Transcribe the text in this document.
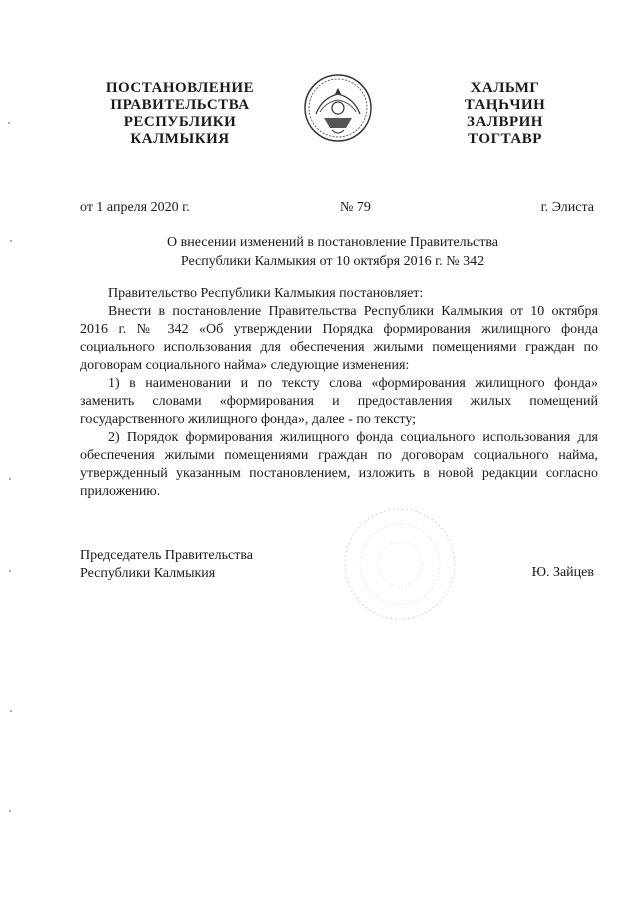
ПОСТАНОВЛЕНИЕ
ПРАВИТЕЛЬСТВА
РЕСПУБЛИКИ
КАЛМЫКИЯ
ХАЛЬМГ
ТАҢҺЧИН
ЗАЛВРИН
ТОГТАВР
от 1 апреля 2020 г.	№ 79	г. Элиста
О внесении изменений в постановление Правительства
Республики Калмыкия от 10 октября 2016 г. № 342

Правительство Республики Калмыкия постановляет:

Внести в постановление Правительства Республики Калмыкия от 10 октября 2016 г. № 342 «Об утверждении Порядка формирования жилищного фонда социального использования для обеспечения жилыми помещениями граждан по договорам социального найма» следующие изменения:

1) в наименовании и по тексту слова «формирования жилищного фонда» заменить словами «формирования и предоставления жилых помещений государственного жилищного фонда», далее - по тексту;

2) Порядок формирования жилищного фонда социального использования для обеспечения жилыми помещениями граждан по договорам социального найма, утвержденный указанным постановлением, изложить в новой редакции согласно приложению.

Председатель Правительства
Республики Калмыкия	Ю. Зайцев
